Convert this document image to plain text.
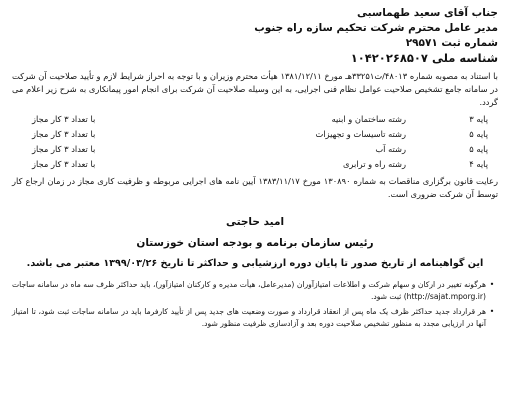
جناب آقای سعید طهماسبی
مدیر عامل محترم شرکت تحکیم سازه راه جنوب
شماره ثبت ۲۹۵۷۱
شناسه ملی ۱۰۴۲۰۲۶۸۵۰۷
با استناد به مصوبه شماره ۴۸۰۱۳/ت۳۳۲۵۱هـ مورخ ۱۳۸۱/۱۲/۱۱ هیأت محترم وزیران و با توجه به احراز شرایط لازم و تأیید صلاحیت آن شرکت در سامانه جامع تشخیص صلاحیت عوامل نظام فنی اجرایی، به این وسیله صلاحیت آن شرکت برای انجام امور پیمانکاری به شرح زیر اعلام می گردد.
پایه ۳
رشته ساختمان و ابنیه
با تعداد ۳ کار مجاز
پایه ۵
رشته تاسیسات و تجهیزات
با تعداد ۳ کار مجاز
پایه ۵
رشته آب
با تعداد ۳ کار مجاز
پایه ۴
رشته راه و ترابری
با تعداد ۳ کار مجاز
رعایت قانون برگزاری مناقصات به شماره ۱۳۰۸۹۰ مورخ ۱۳۸۳/۱۱/۱۷ آیین نامه های اجرایی مربوطه و ظرفیت کاری مجاز در زمان ارجاع کار توسط آن شرکت ضروری است.
امید حاجتی
رئیس سازمان برنامه و بودجه استان خوزستان
این گواهینامه از تاریخ صدور تا پایان دوره ارزشیابی و حداکثر تا تاریخ ۱۳۹۹/۰۳/۲۶ معتبر می باشد.
•
هرگونه تغییر در ارکان و سهام شرکت و اطلاعات امتیازآوران (مدیرعامل، هیأت مدیره و کارکنان امتیازآور)، باید حداکثر ظرف سه ماه در سامانه ساجات (http://sajat.mporg.ir) ثبت شود.
•
هر قرارداد جدید حداکثر ظرف یک ماه پس از انعقاد قرارداد و صورت وضعیت های جدید پس از تأیید کارفرما باید در سامانه ساجات ثبت شود، تا امتیاز آنها در ارزیابی مجدد به منظور تشخیص صلاحیت دوره بعد و آزادسازی ظرفیت منظور شود.
